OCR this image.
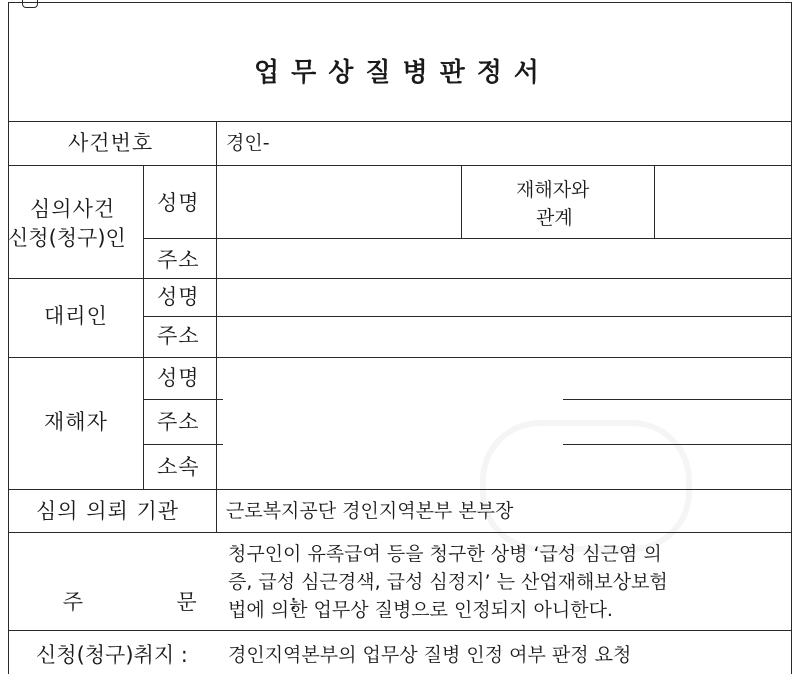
업무상질병판정서
사건번호	경인-
심의사건
신청(청구)인
성명
재해자와
관계
주소
대리인
성명
주소
재해자
성명
주소
소속
심의 의뢰 기관 근로복지공단 경인지역본부 본부장

주  문  :

청구인이 유족급여 등을 청구한 상병 ‘급성 심근염 의
증, 급성 심근경색, 급성 심정지’ 는 산업재해보상보험
법에 의한 업무상 질병으로 인정되지 아니한다.
신청(청구)취지 : 경인지역본부의 업무상 질병 인정 여부 판정 요청
